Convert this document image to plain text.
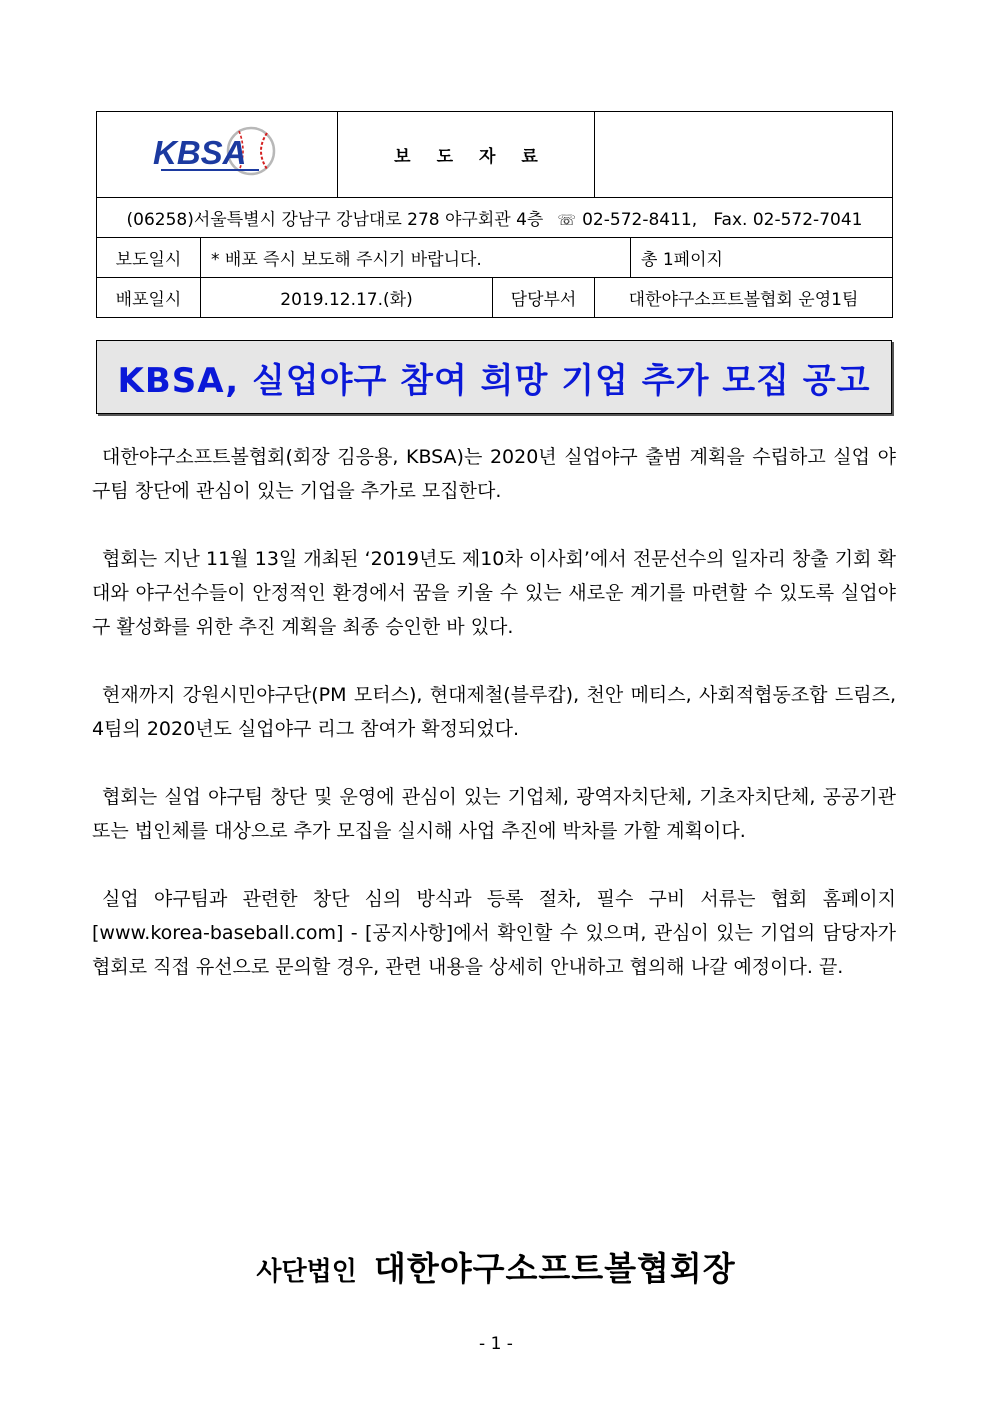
KBSA		보도자료			
(06258)서울특별시 강남구 강남대로 278 야구회관 4층 ☏ 02-572-8411, Fax. 02-572-7041					
보도일시	* 배포 즉시 보도해 주시기 바랍니다.				총 1페이지
배포일시	2019.12.17.(화)		담당부서	대한야구소프트볼협회 운영1팀	
KBSA, 실업야구 참여 희망 기업 추가 모집 공고

대한야구소프트볼협회(회장 김응용, KBSA)는 2020년 실업야구 출범 계획을 수립하고 실업 야구팀 창단에 관심이 있는 기업을 추가로 모집한다.

협회는 지난 11월 13일 개최된 ‘2019년도 제10차 이사회’에서 전문선수의 일자리 창출 기회 확대와 야구선수들이 안정적인 환경에서 꿈을 키울 수 있는 새로운 계기를 마련할 수 있도록 실업야구 활성화를 위한 추진 계획을 최종 승인한 바 있다.

현재까지 강원시민야구단(PM 모터스), 현대제철(블루캅), 천안 메티스, 사회적협동조합 드림즈, 4팀의 2020년도 실업야구 리그 참여가 확정되었다.

협회는 실업 야구팀 창단 및 운영에 관심이 있는 기업체, 광역자치단체, 기초자치단체, 공공기관 또는 법인체를 대상으로 추가 모집을 실시해 사업 추진에 박차를 가할 계획이다.

실업 야구팀과 관련한 창단 심의 방식과 등록 절차, 필수 구비 서류는 협회 홈페이지 [www.korea-baseball.com] - [공지사항]에서 확인할 수 있으며, 관심이 있는 기업의 담당자가 협회로 직접 유선으로 문의할 경우, 관련 내용을 상세히 안내하고 협의해 나갈 예정이다. 끝.

사단법인 대한야구소프트볼협회장
- 1 -
